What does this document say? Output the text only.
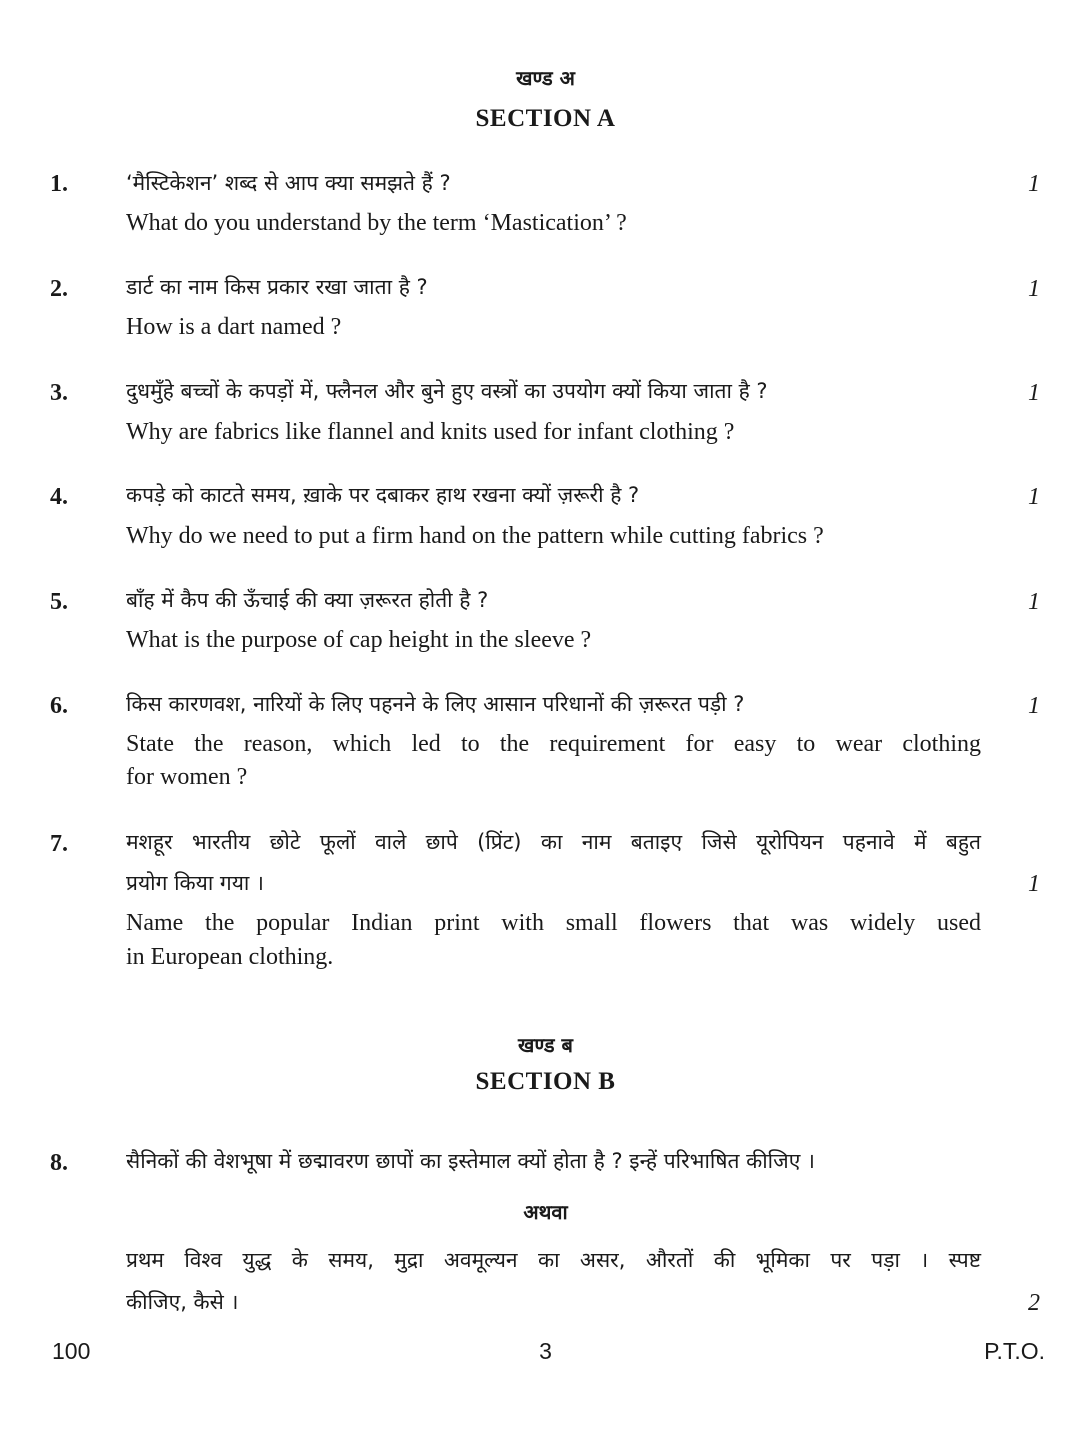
खण्ड अ
SECTION A
1.	‘मैस्टिकेशन’ शब्द से आप क्या समझते हैं ?	1
What do you understand by the term ‘Mastication’ ?
2.	डार्ट का नाम किस प्रकार रखा जाता है ?	1
How is a dart named ?
3.	दुधमुँहे बच्चों के कपड़ों में, फ्लैनल और बुने हुए वस्त्रों का उपयोग क्यों किया जाता है ?	1
Why are fabrics like flannel and knits used for infant clothing ?
4.	कपड़े को काटते समय, ख़ाके पर दबाकर हाथ रखना क्यों ज़रूरी है ?	1
Why do we need to put a firm hand on the pattern while cutting fabrics ?
5.	बाँह में कैप की ऊँचाई की क्या ज़रूरत होती है ?	1
What is the purpose of cap height in the sleeve ?
6.	किस कारणवश, नारियों के लिए पहनने के लिए आसान परिधानों की ज़रूरत पड़ी ?	1
State the reason, which led to the requirement for easy to wear clothing
for women ?
7.	मशहूर भारतीय छोटे फूलों वाले छापे (प्रिंट) का नाम बताइए जिसे यूरोपियन पहनावे में बहुत
प्रयोग किया गया ।	1
Name the popular Indian print with small flowers that was widely used
in European clothing.
खण्ड ब
SECTION B
8.	सैनिकों की वेशभूषा में छद्मावरण छापों का इस्तेमाल क्यों होता है ? इन्हें परिभाषित कीजिए ।
अथवा
प्रथम विश्व युद्ध के समय, मुद्रा अवमूल्यन का असर, औरतों की भूमिका पर पड़ा । स्पष्ट
कीजिए, कैसे ।	2
100	3	P.T.O.
